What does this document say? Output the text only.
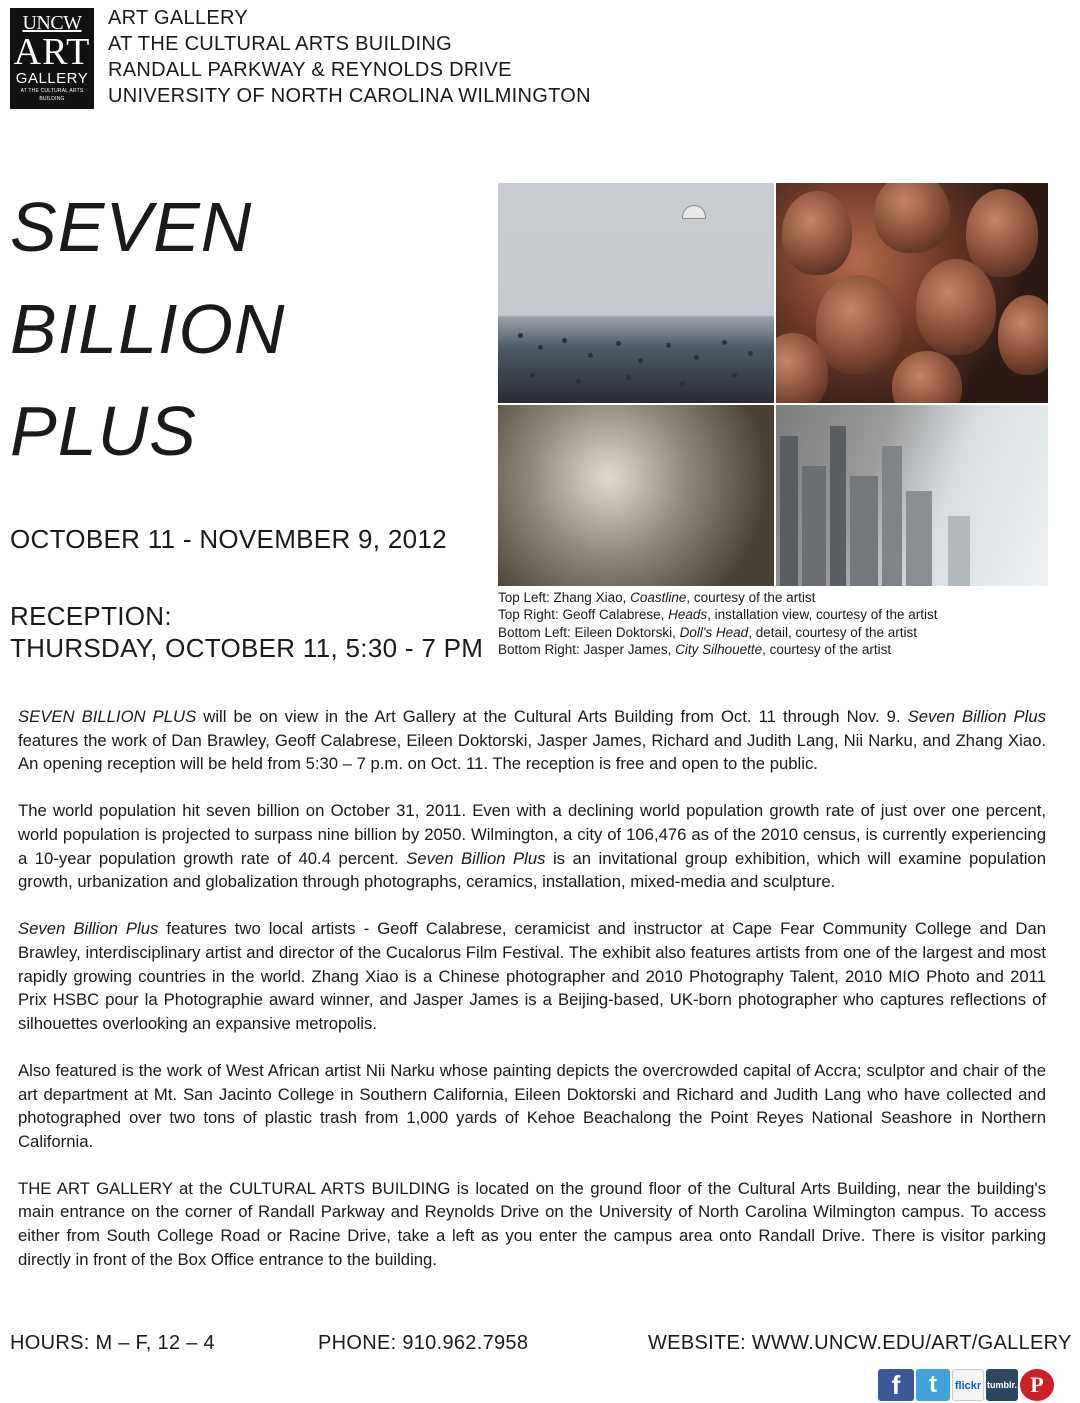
UNCW
ART
GALLERY
AT THE CULTURAL ARTS BUILDING
ART GALLERY
AT THE CULTURAL ARTS BUILDING
RANDALL PARKWAY & REYNOLDS DRIVE
UNIVERSITY OF NORTH CAROLINA WILMINGTON
SEVEN
BILLION
PLUS
OCTOBER 11 - NOVEMBER 9, 2012
RECEPTION:
THURSDAY, OCTOBER 11, 5:30 - 7 PM
Top Left: Zhang Xiao, Coastline, courtesy of the artist
Top Right: Geoff Calabrese, Heads, installation view, courtesy of the artist
Bottom Left: Eileen Doktorski, Doll's Head, detail, courtesy of the artist
Bottom Right: Jasper James, City Silhouette, courtesy of the artist

SEVEN BILLION PLUS will be on view in the Art Gallery at the Cultural Arts Building from Oct. 11 through Nov. 9. Seven Billion Plus features the work of Dan Brawley, Geoff Calabrese, Eileen Doktorski, Jasper James, Richard and Judith Lang, Nii Narku, and Zhang Xiao. An opening reception will be held from 5:30 – 7 p.m. on Oct. 11. The reception is free and open to the public.

The world population hit seven billion on October 31, 2011. Even with a declining world population growth rate of just over one percent, world population is projected to surpass nine billion by 2050. Wilmington, a city of 106,476 as of the 2010 census, is currently experiencing a 10-year population growth rate of 40.4 percent. Seven Billion Plus is an invitational group exhibition, which will examine population growth, urbanization and globalization through photographs, ceramics, installation, mixed-media and sculpture.

Seven Billion Plus features two local artists - Geoff Calabrese, ceramicist and instructor at Cape Fear Community College and Dan Brawley, interdisciplinary artist and director of the Cucalorus Film Festival. The exhibit also features artists from one of the largest and most rapidly growing countries in the world. Zhang Xiao is a Chinese photographer and 2010 Photography Talent, 2010 MIO Photo and 2011 Prix HSBC pour la Photographie award winner, and Jasper James is a Beijing-based, UK-born photographer who captures reflections of silhouettes overlooking an expansive metropolis.

Also featured is the work of West African artist Nii Narku whose painting depicts the overcrowded capital of Accra; sculptor and chair of the art department at Mt. San Jacinto College in Southern California, Eileen Doktorski and Richard and Judith Lang who have collected and photographed over two tons of plastic trash from 1,000 yards of Kehoe Beachalong the Point Reyes National Seashore in Northern California.

THE ART GALLERY at the CULTURAL ARTS BUILDING is located on the ground floor of the Cultural Arts Building, near the building's main entrance on the corner of Randall Parkway and Reynolds Drive on the University of North Carolina Wilmington campus. To access either from South College Road or Racine Drive, take a left as you enter the campus area onto Randall Drive. There is visitor parking directly in front of the Box Office entrance to the building.

HOURS: M – F, 12 – 4	PHONE: 910.962.7958	WEBSITE: WWW.UNCW.EDU/ART/GALLERY
f	t	flickr tumblr. P
